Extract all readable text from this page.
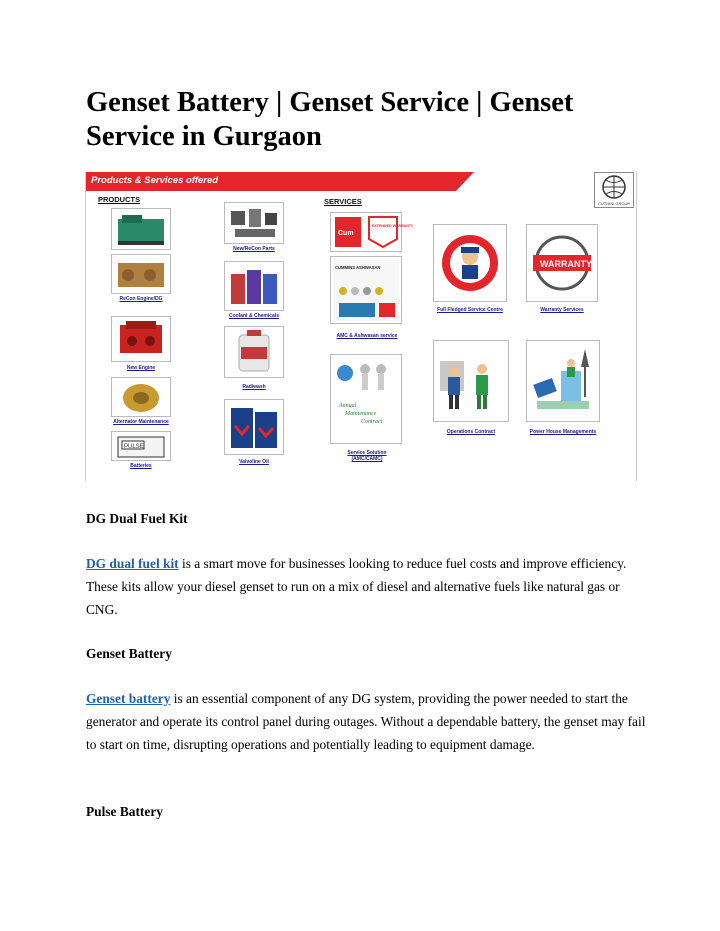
Genset Battery | Genset Service | Genset Service in Gurgaon
Products & Services offered
CUTHINI GROUP
PRODUCTS	SERVICES
ReCon Engine/DG
New Engine
Alternator Maintenance
PULSE
Batteries
New/ReCon Parts
Coolant & Chemicals
Radiwash
Valvoline Oil
Cum
EXTENDED WARRANTY
CUMMINS ASHWASAN
AMC & Ashwasan service
Annual
Maintenance
Contract
Service Solution (AMC/CAMC)
SERVICE CENTRE
Full Fledged Service Centre
Operations Contract
WARRANTY
Warranty Services
Power House Managements
DG Dual Fuel Kit

DG dual fuel kit is a smart move for businesses looking to reduce fuel costs and improve efficiency. These kits allow your diesel genset to run on a mix of diesel and alternative fuels like natural gas or CNG.

Genset Battery

Genset battery is an essential component of any DG system, providing the power needed to start the generator and operate its control panel during outages. Without a dependable battery, the genset may fail to start on time, disrupting operations and potentially leading to equipment damage.

Pulse Battery
